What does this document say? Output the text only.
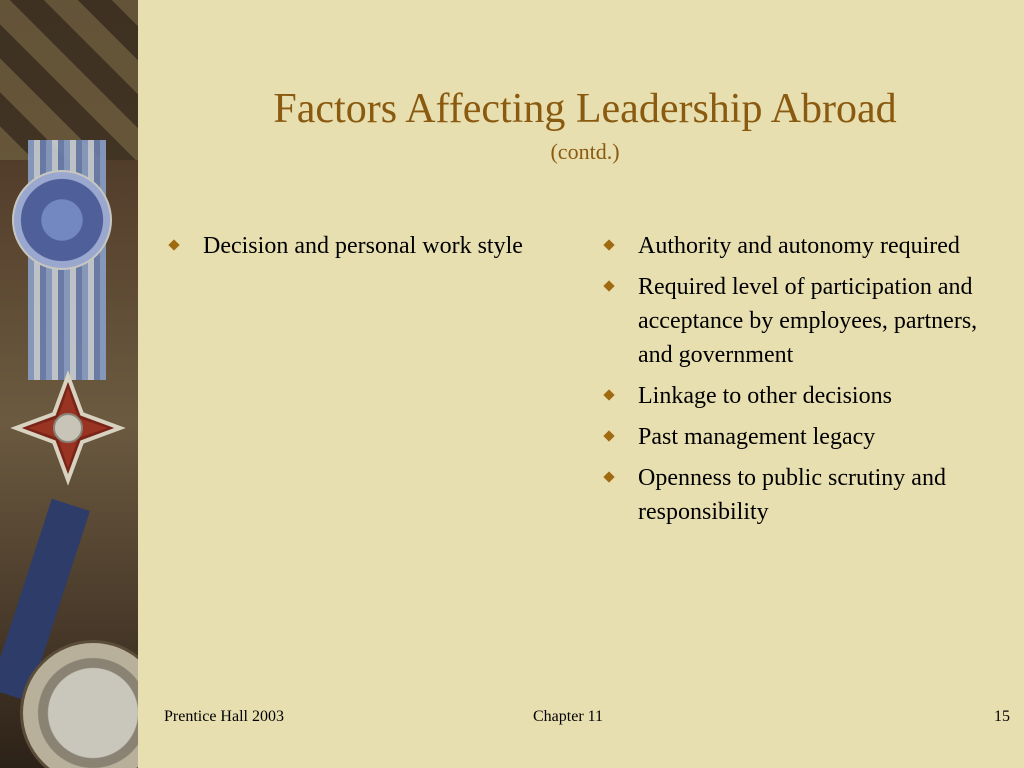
Factors Affecting Leadership Abroad
(contd.)
Decision and personal work style	Authority and autonomy required
Required level of participation and acceptance by employees, partners, and government
Linkage to other decisions
Past management legacy
Openness to public scrutiny and responsibility
Prentice Hall 2003	Chapter 11	15
